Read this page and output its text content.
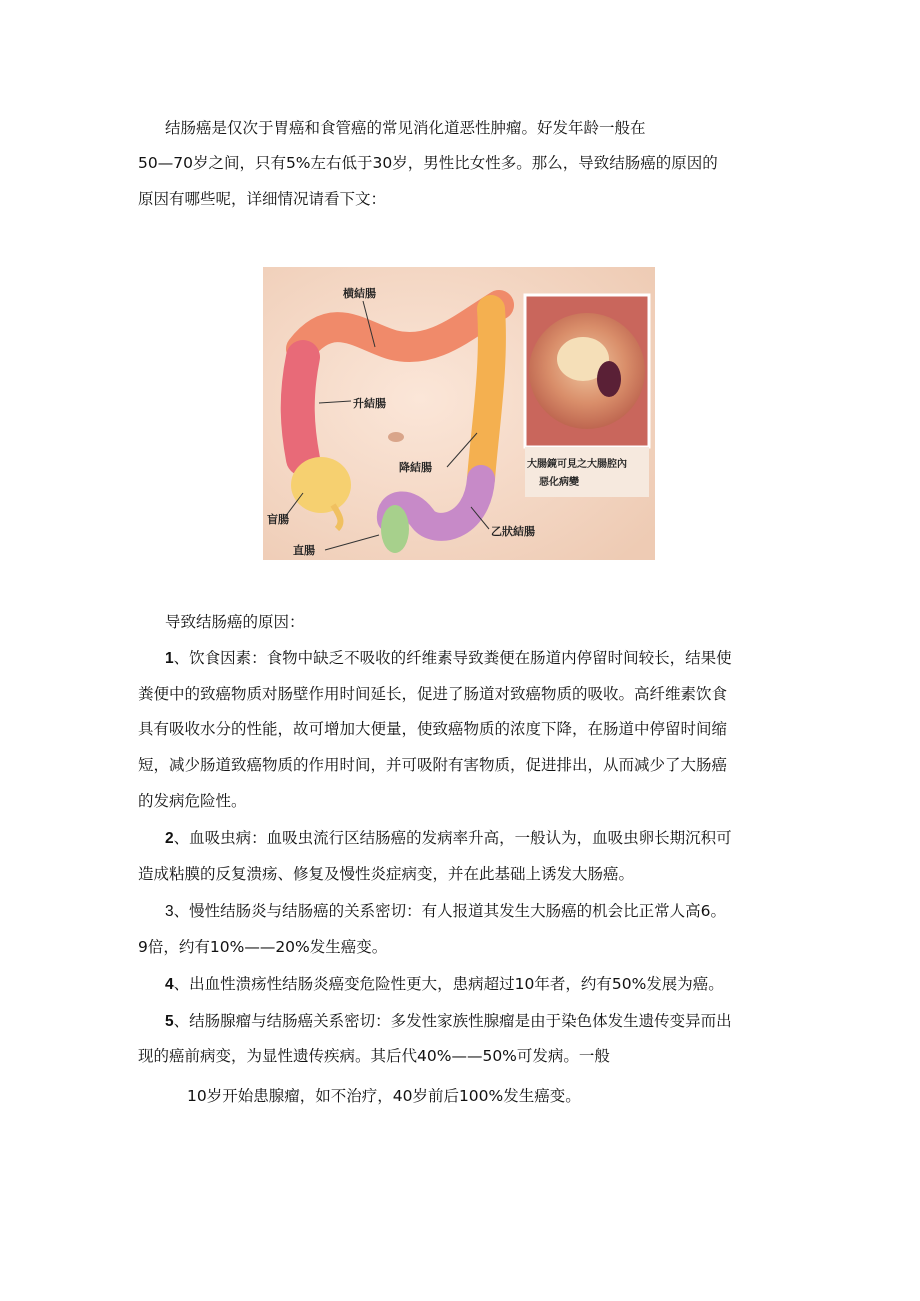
结肠癌是仅次于胃癌和食管癌的常见消化道恶性肿瘤。好发年龄一般在
50—70岁之间，只有5%左右低于30岁，男性比女性多。那么，导致结肠癌的原因的
原因有哪些呢，详细情况请看下文：
横結腸
升結腸
降結腸
盲腸
直腸
乙狀結腸
大腸鏡可見之大腸腔內
惡化病變
导致结肠癌的原因：
1、饮食因素：食物中缺乏不吸收的纤维素导致粪便在肠道内停留时间较长，结果使
粪便中的致癌物质对肠壁作用时间延长，促进了肠道对致癌物质的吸收。高纤维素饮食
具有吸收水分的性能，故可增加大便量，使致癌物质的浓度下降，在肠道中停留时间缩
短，减少肠道致癌物质的作用时间，并可吸附有害物质，促进排出，从而减少了大肠癌
的发病危险性。
2、血吸虫病：血吸虫流行区结肠癌的发病率升高，一般认为，血吸虫卵长期沉积可
造成粘膜的反复溃疡、修复及慢性炎症病变，并在此基础上诱发大肠癌。
3、慢性结肠炎与结肠癌的关系密切：有人报道其发生大肠癌的机会比正常人高6。
9倍，约有10%——20%发生癌变。
4、出血性溃疡性结肠炎癌变危险性更大，患病超过10年者，约有50%发展为癌。
5、结肠腺瘤与结肠癌关系密切：多发性家族性腺瘤是由于染色体发生遗传变异而出
现的癌前病变，为显性遗传疾病。其后代40%——50%可发病。一般
10岁开始患腺瘤，如不治疗，40岁前后100%发生癌变。
